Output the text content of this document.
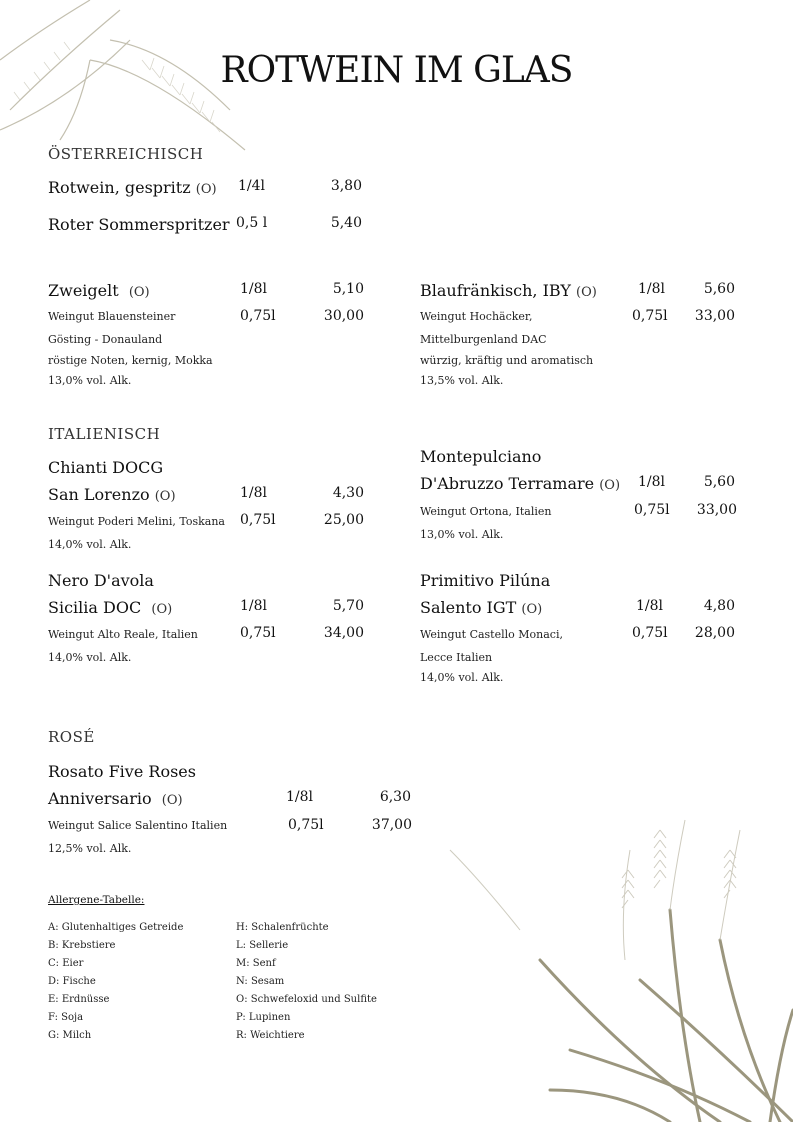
ROTWEIN IM GLAS
ÖSTERREICHISCH
Rotwein, gespritz (O) 1/4l	3,80
Roter Sommerspritzer 0,5 l	5,40
Zweigelt (O)	1/8l	5,10
0,75l	30,00
Weingut Blauensteiner
Gösting - Donauland
röstige Noten, kernig, Mokka
13,0% vol. Alk.
Blaufränkisch, IBY (O)	1/8l	5,60
0,75l	33,00
Weingut Hochäcker,
Mittelburgenland DAC
würzig, kräftig und aromatisch
13,5% vol. Alk.
ITALIENISCH
Chianti DOCG
San Lorenzo (O)	1/8l	4,30
0,75l	25,00
Weingut Poderi Melini, Toskana
14,0% vol. Alk.
Montepulciano
D'Abruzzo Terramare (O) 1/8l	5,60
0,75l	33,00
Weingut Ortona, Italien
13,0% vol. Alk.
Nero D'avola
Sicilia DOC (O)	1/8l	5,70
0,75l	34,00
Weingut Alto Reale, Italien
14,0% vol. Alk.
Primitivo Pilúna
Salento IGT (O)	1/8l	4,80
0,75l	28,00
Weingut Castello Monaci,
Lecce Italien
14,0% vol. Alk.
ROSÉ
Rosato Five Roses
Anniversario (O)	1/8l	6,30
0,75l	37,00
Weingut Salice Salentino Italien
12,5% vol. Alk.
Allergene-Tabelle:
A: Glutenhaltiges Getreide
B: Krebstiere
C: Eier
D: Fische
E: Erdnüsse
F: Soja
G: Milch
H: Schalenfrüchte
L: Sellerie
M: Senf
N: Sesam
O: Schwefeloxid und Sulfite
P: Lupinen
R: Weichtiere
